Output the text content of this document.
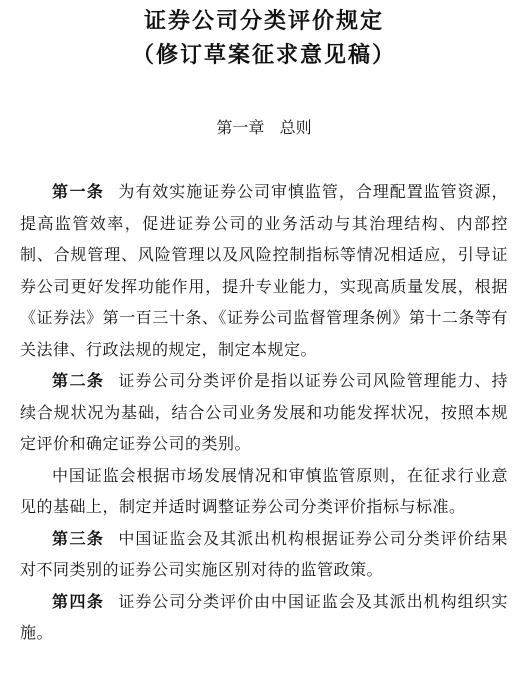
证券公司分类评价规定
（修订草案征求意见稿）
第一章 总则

第一条 为有效实施证券公司审慎监管，合理配置监管资源，提高监管效率，促进证券公司的业务活动与其治理结构、内部控制、合规管理、风险管理以及风险控制指标等情况相适应，引导证券公司更好发挥功能作用，提升专业能力，实现高质量发展，根据《证券法》第一百三十条、《证券公司监督管理条例》第十二条等有关法律、行政法规的规定，制定本规定。

第二条 证券公司分类评价是指以证券公司风险管理能力、持续合规状况为基础，结合公司业务发展和功能发挥状况，按照本规定评价和确定证券公司的类别。

中国证监会根据市场发展情况和审慎监管原则，在征求行业意见的基础上，制定并适时调整证券公司分类评价指标与标准。

第三条 中国证监会及其派出机构根据证券公司分类评价结果对不同类别的证券公司实施区别对待的监管政策。

第四条 证券公司分类评价由中国证监会及其派出机构组织实施。
